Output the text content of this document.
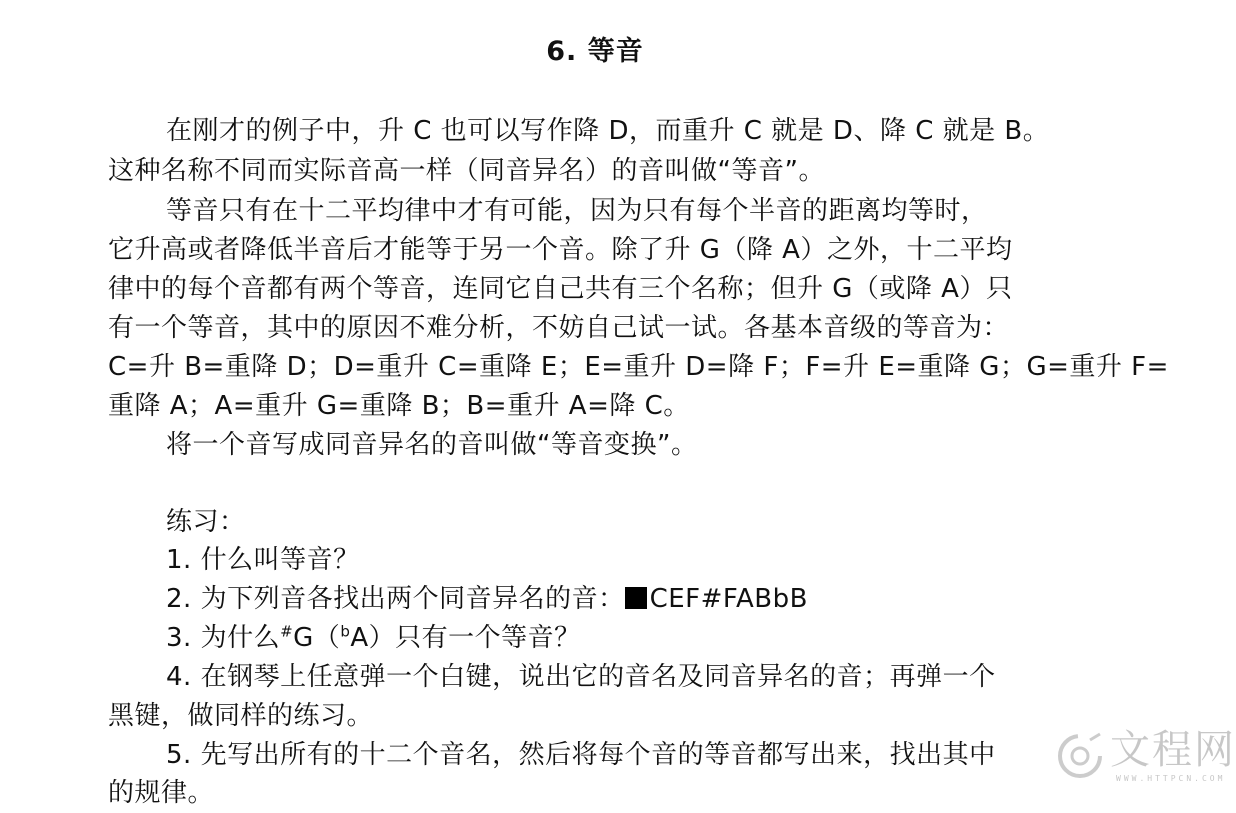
6. 等音
在刚才的例子中，升 C 也可以写作降 D，而重升 C 就是 D、降 C 就是 B。
这种名称不同而实际音高一样（同音异名）的音叫做“等音”。
等音只有在十二平均律中才有可能，因为只有每个半音的距离均等时，
它升高或者降低半音后才能等于另一个音。除了升 G（降 A）之外，十二平均
律中的每个音都有两个等音，连同它自己共有三个名称；但升 G（或降 A）只
有一个等音，其中的原因不难分析，不妨自己试一试。各基本音级的等音为：
C=升 B=重降 D；D=重升 C=重降 E；E=重升 D=降 F；F=升 E=重降 G；G=重升 F=
重降 A；A=重升 G=重降 B；B=重升 A=降 C。
将一个音写成同音异名的音叫做“等音变换”。
练习：
1. 什么叫等音？
2. 为下列音各找出两个同音异名的音： CEF#FABbB
3. 为什么#G（$^b$A）只有一个等音？
4. 在钢琴上任意弹一个白键，说出它的音名及同音异名的音；再弹一个
黑键，做同样的练习。
5. 先写出所有的十二个音名，然后将每个音的等音都写出来，找出其中
的规律。
文程网
WWW.HTTPCN.COM
